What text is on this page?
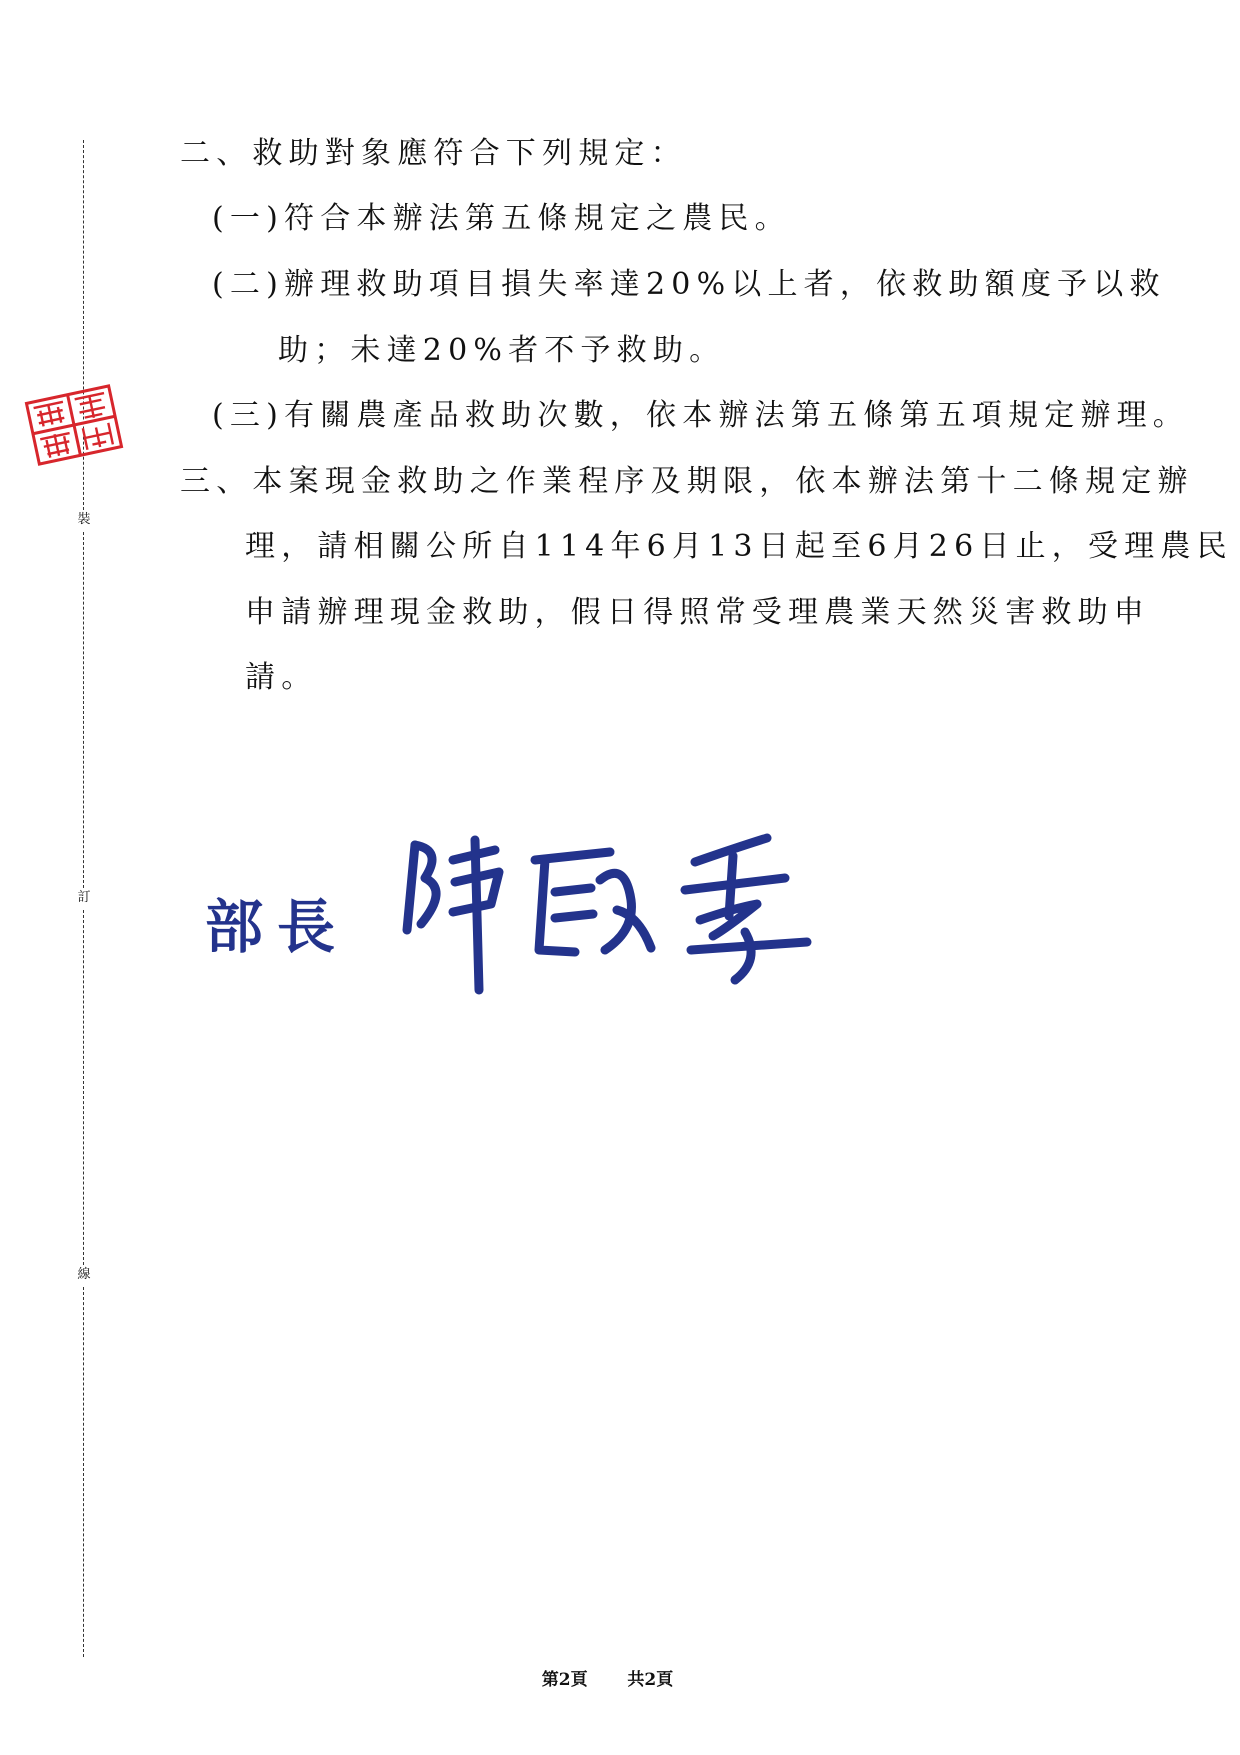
裝
訂
線
二、救助對象應符合下列規定：
(一)符合本辦法第五條規定之農民。
(二)辦理救助項目損失率達20%以上者，依救助額度予以救
助；未達20%者不予救助。
(三)有關農產品救助次數，依本辦法第五條第五項規定辦理。
三、本案現金救助之作業程序及期限，依本辦法第十二條規定辦
理，請相關公所自114年6月13日起至6月26日止，受理農民
申請辦理現金救助，假日得照常受理農業天然災害救助申
請。
部長
第2頁 共2頁
